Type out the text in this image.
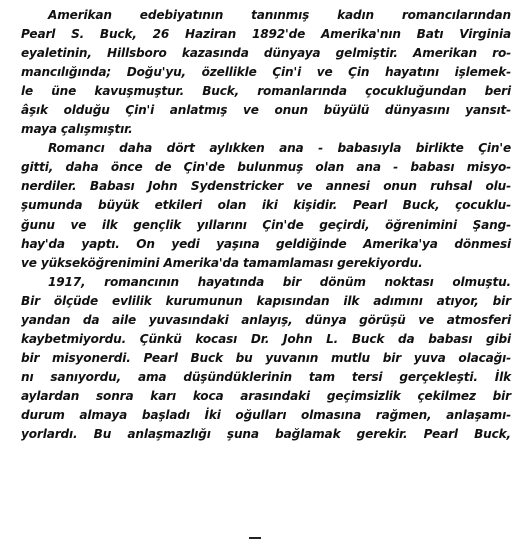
Amerikan edebiyatının tanınmış kadın romancılarından
Pearl S. Buck, 26 Haziran 1892'de Amerika'nın Batı Virginia
eyaletinin, Hillsboro kazasında dünyaya gelmiştir. Amerikan ro-
mancılığında; Doğu'yu, özellikle Çin'i ve Çin hayatını işlemek-
le üne kavuşmuştur. Buck, romanlarında çocukluğundan beri
âşık olduğu Çin'i anlatmış ve onun büyülü dünyasını yansıt-
maya çalışmıştır.
Romancı daha dört aylıkken ana - babasıyla birlikte Çin'e
gitti, daha önce de Çin'de bulunmuş olan ana - babası misyo-
nerdiler. Babası John Sydenstricker ve annesi onun ruhsal olu-
şumunda büyük etkileri olan iki kişidir. Pearl Buck, çocuklu-
ğunu ve ilk gençlik yıllarını Çin'de geçirdi, öğrenimini Şang-
hay'da yaptı. On yedi yaşına geldiğinde Amerika'ya dönmesi
ve yükseköğrenimini Amerika'da tamamlaması gerekiyordu.
1917, romancının hayatında bir dönüm noktası olmuştu.
Bir ölçüde evlilik kurumunun kapısından ilk adımını atıyor, bir
yandan da aile yuvasındaki anlayış, dünya görüşü ve atmosferi
kaybetmiyordu. Çünkü kocası Dr. John L. Buck da babası gibi
bir misyonerdi. Pearl Buck bu yuvanın mutlu bir yuva olacağı-
nı sanıyordu, ama düşündüklerinin tam tersi gerçekleşti. İlk
aylardan sonra karı koca arasındaki geçimsizlik çekilmez bir
durum almaya başladı İki oğulları olmasına rağmen, anlaşamı-
yorlardı. Bu anlaşmazlığı şuna bağlamak gerekir. Pearl Buck,
